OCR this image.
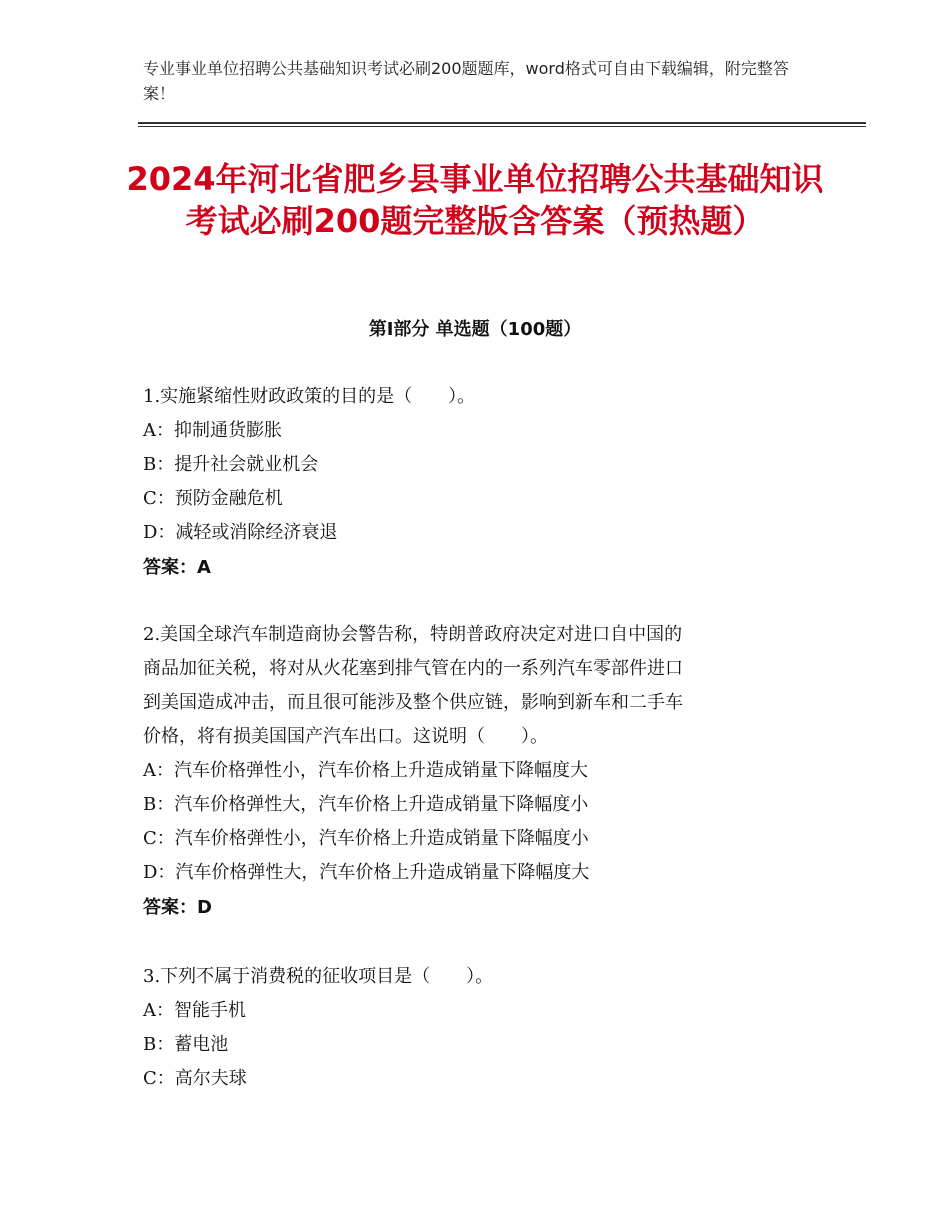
专业事业单位招聘公共基础知识考试必刷200题题库，word格式可自由下载编辑，附完整答案！
2024年河北省肥乡县事业单位招聘公共基础知识考试必刷200题完整版含答案（预热题）
第Ⅰ部分 单选题（100题）
1.实施紧缩性财政政策的目的是（　　）。
A：抑制通货膨胀
B：提升社会就业机会
C：预防金融危机
D：减轻或消除经济衰退
答案：A
2.美国全球汽车制造商协会警告称，特朗普政府决定对进口自中国的
商品加征关税，将对从火花塞到排气管在内的一系列汽车零部件进口
到美国造成冲击，而且很可能涉及整个供应链，影响到新车和二手车
价格，将有损美国国产汽车出口。这说明（　　）。
A：汽车价格弹性小，汽车价格上升造成销量下降幅度大
B：汽车价格弹性大，汽车价格上升造成销量下降幅度小
C：汽车价格弹性小，汽车价格上升造成销量下降幅度小
D：汽车价格弹性大，汽车价格上升造成销量下降幅度大
答案：D
3.下列不属于消费税的征收项目是（　　）。
A：智能手机
B：蓄电池
C：高尔夫球
